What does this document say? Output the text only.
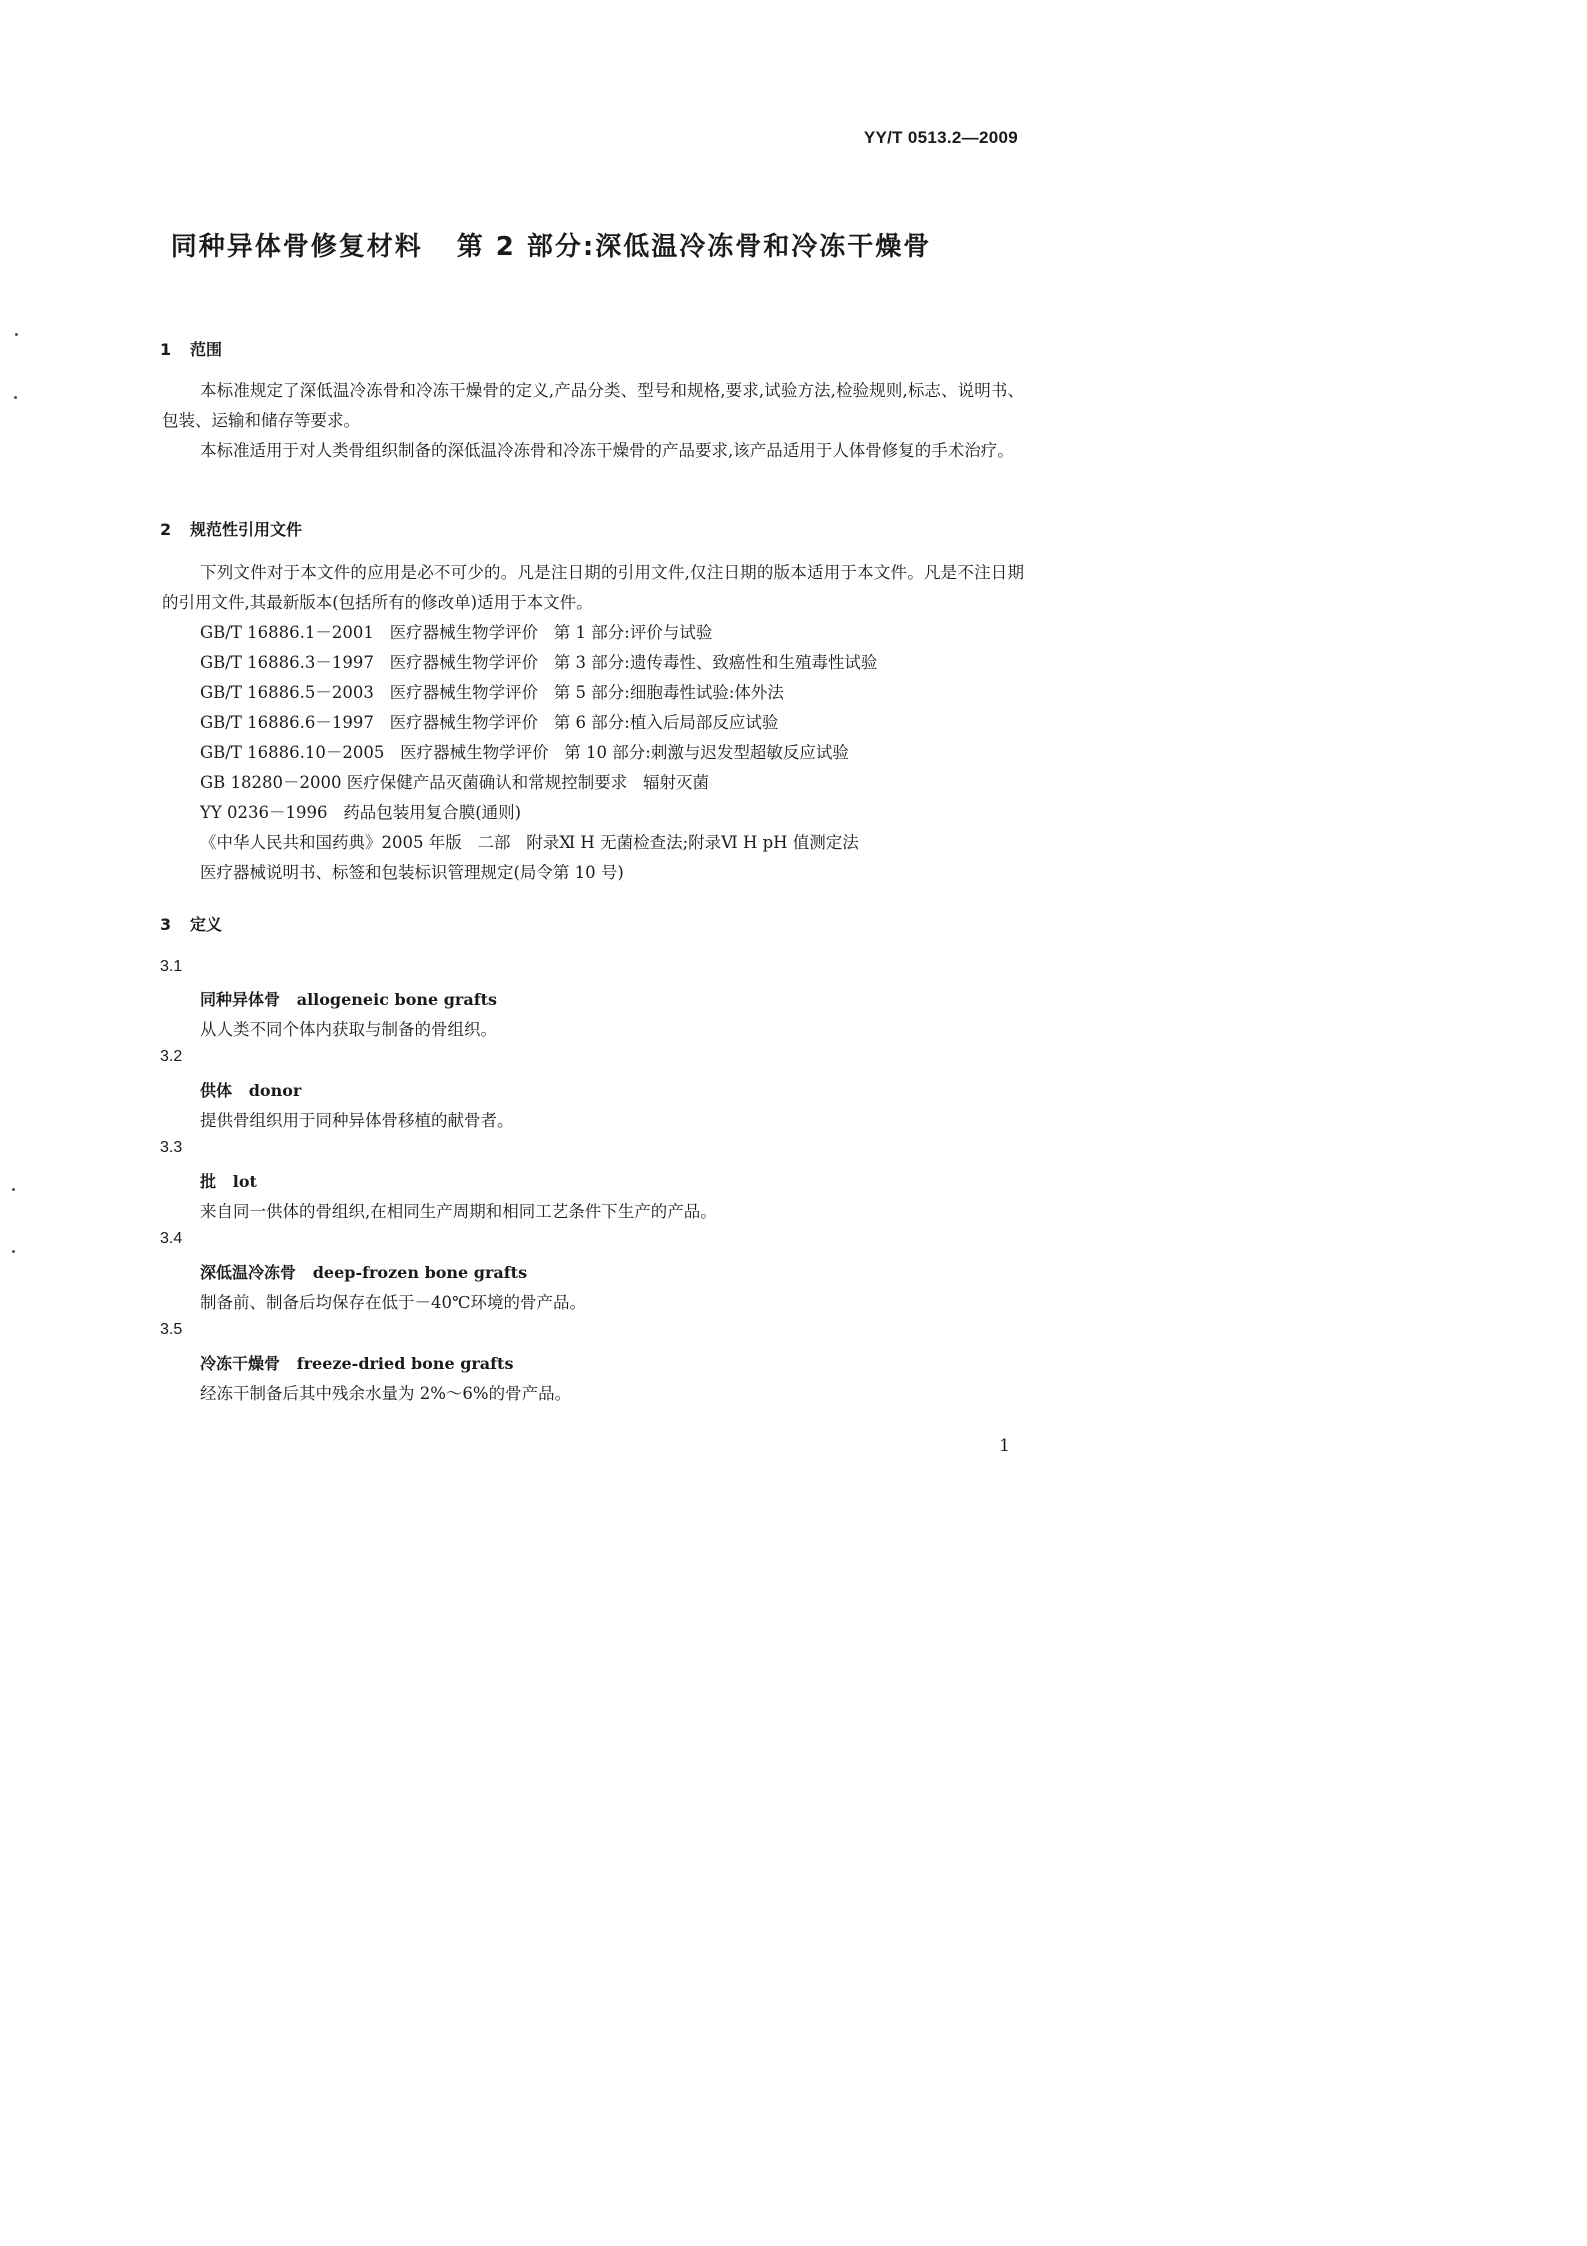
YY/T 0513.2—2009
同种异体骨修复材料 第 2 部分:深低温冷冻骨和冷冻干燥骨
1 范围

本标准规定了深低温冷冻骨和冷冻干燥骨的定义,产品分类、型号和规格,要求,试验方法,检验规则,标志、说明书、包装、运输和储存等要求。

本标准适用于对人类骨组织制备的深低温冷冻骨和冷冻干燥骨的产品要求,该产品适用于人体骨修复的手术治疗。

2 规范性引用文件

下列文件对于本文件的应用是必不可少的。凡是注日期的引用文件,仅注日期的版本适用于本文件。凡是不注日期的引用文件,其最新版本(包括所有的修改单)适用于本文件。

GB/T 16886.1－2001   医疗器械生物学评价   第 1 部分:评价与试验
GB/T 16886.3－1997   医疗器械生物学评价   第 3 部分:遗传毒性、致癌性和生殖毒性试验
GB/T 16886.5－2003   医疗器械生物学评价   第 5 部分:细胞毒性试验:体外法
GB/T 16886.6－1997   医疗器械生物学评价   第 6 部分:植入后局部反应试验
GB/T 16886.10－2005   医疗器械生物学评价   第 10 部分:刺激与迟发型超敏反应试验
GB 18280－2000 医疗保健产品灭菌确认和常规控制要求   辐射灭菌
YY 0236－1996   药品包装用复合膜(通则)
《中华人民共和国药典》2005 年版   二部   附录Ⅺ H 无菌检查法;附录Ⅵ H pH 值测定法
医疗器械说明书、标签和包装标识管理规定(局令第 10 号)
3 定义
3.1
同种异体骨 allogeneic bone grafts
从人类不同个体内获取与制备的骨组织。
3.2
供体 donor
提供骨组织用于同种异体骨移植的献骨者。
3.3
批 lot
来自同一供体的骨组织,在相同生产周期和相同工艺条件下生产的产品。
3.4
深低温冷冻骨 deep-frozen bone grafts
制备前、制备后均保存在低于－40℃环境的骨产品。
3.5
冷冻干燥骨 freeze-dried bone grafts
经冻干制备后其中残余水量为 2%～6%的骨产品。
1
